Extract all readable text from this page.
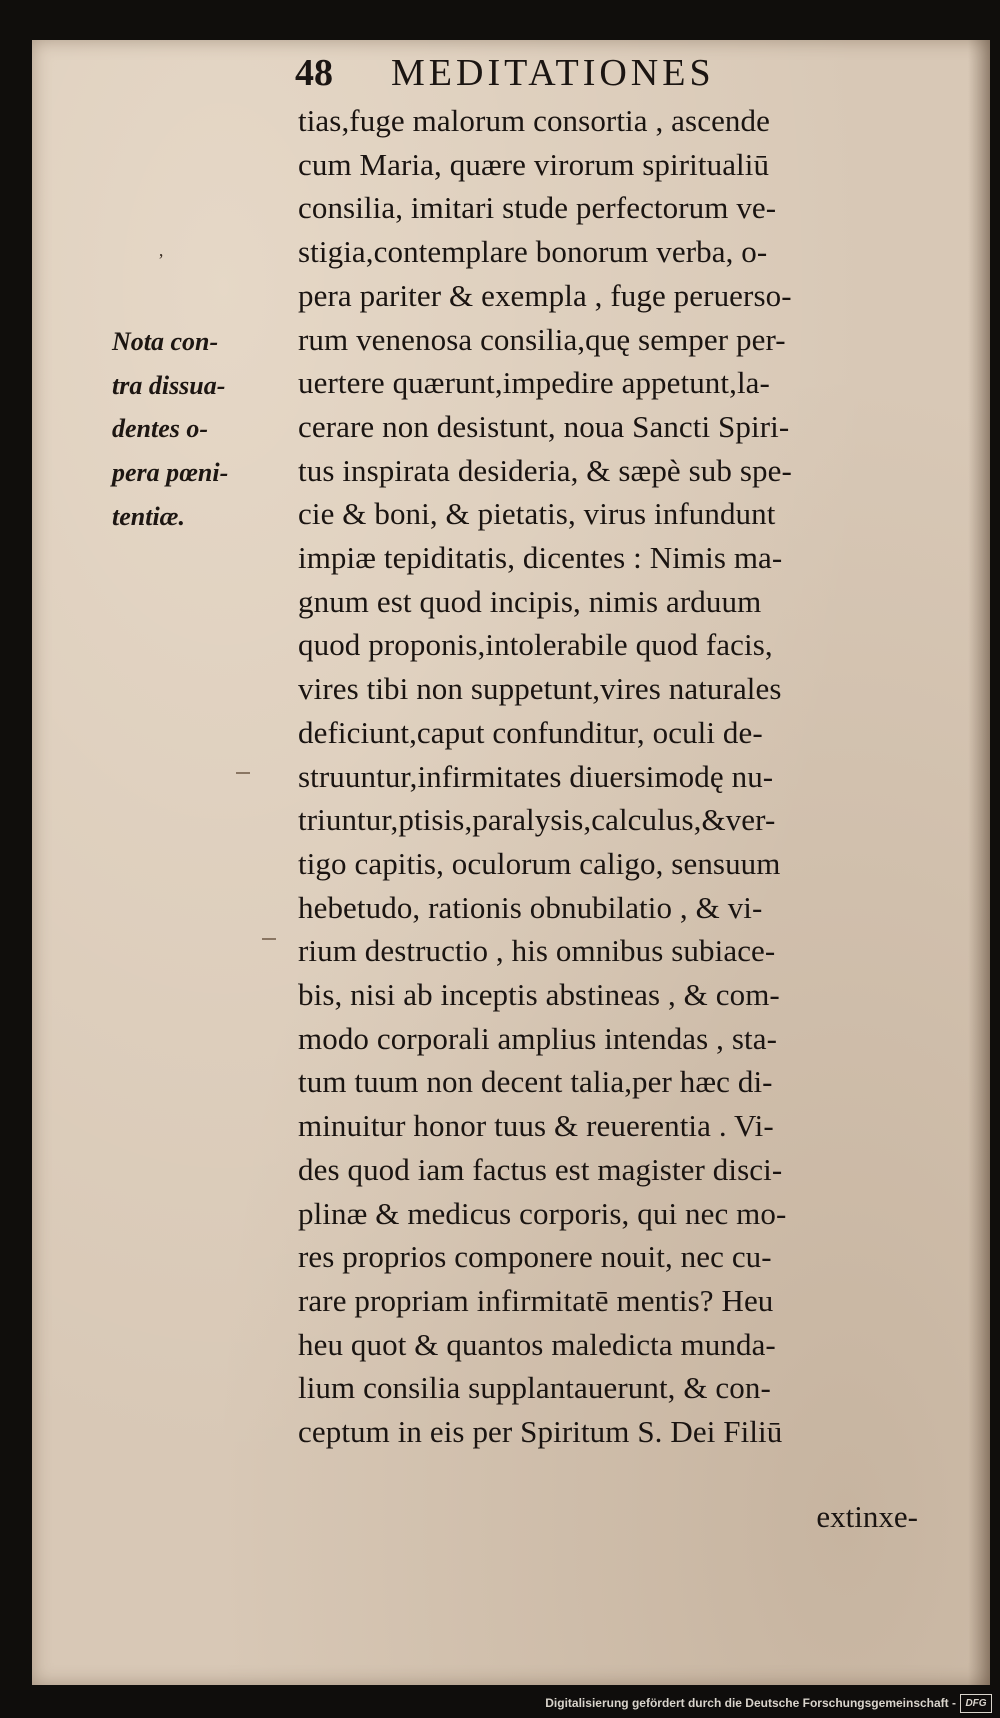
48 MEDITATIONES
ʼ
Nota con-
tra dissua-
dentes o-
pera pœni-
tentiæ.
tias,fuge malorum consortia , ascende
cum Maria, quære virorum spiritualiū
consilia, imitari stude perfectorum ve-
stigia,contemplare bonorum verba, o-
pera pariter & exempla , fuge peruerso-
rum venenosa consilia,quę semper per-
uertere quærunt,impedire appetunt,la-
cerare non desistunt, noua Sancti Spiri-
tus inspirata desideria, & sæpè sub spe-
cie & boni, & pietatis, virus infundunt
impiæ tepiditatis, dicentes : Nimis ma-
gnum est quod incipis, nimis arduum
quod proponis,intolerabile quod facis,
vires tibi non suppetunt,vires naturales
deficiunt,caput confunditur, oculi de-
struuntur,infirmitates diuersimodę nu-
triuntur,ptisis,paralysis,calculus,&ver-
tigo capitis, oculorum caligo, sensuum
hebetudo, rationis obnubilatio , & vi-
rium destructio , his omnibus subiace-
bis, nisi ab inceptis abstineas , & com-
modo corporali amplius intendas , sta-
tum tuum non decent talia,per hæc di-
minuitur honor tuus & reuerentia . Vi-
des quod iam factus est magister disci-
plinæ & medicus corporis, qui nec mo-
res proprios componere nouit, nec cu-
rare propriam infirmitatē mentis? Heu
heu quot & quantos maledicta munda-
lium consilia supplantauerunt, & con-
ceptum in eis per Spiritum S. Dei Filiū
extinxe-
Digitalisierung gefördert durch die Deutsche Forschungsgemeinschaft - DFG
